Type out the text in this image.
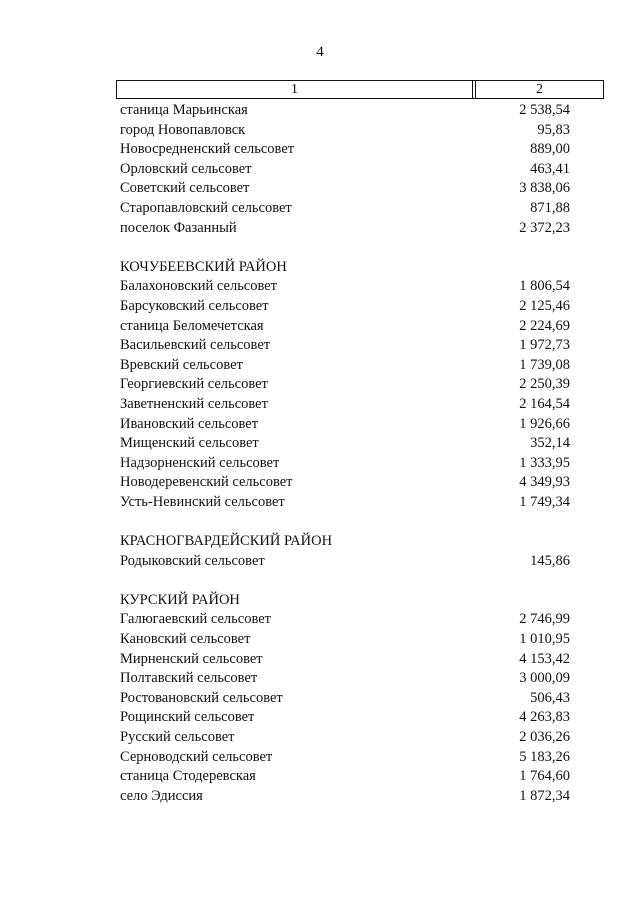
4
1	2
станица Марьинская	2 538,54
город Новопавловск	95,83
Новосредненский сельсовет	889,00
Орловский сельсовет	463,41
Советский сельсовет	3 838,06
Старопавловский сельсовет	871,88
поселок Фазанный	2 372,23
КОЧУБЕЕВСКИЙ РАЙОН
Балахоновский сельсовет	1 806,54
Барсуковский сельсовет	2 125,46
станица Беломечетская	2 224,69
Васильевский сельсовет	1 972,73
Вревский сельсовет	1 739,08
Георгиевский сельсовет	2 250,39
Заветненский сельсовет	2 164,54
Ивановский сельсовет	1 926,66
Мищенский сельсовет	352,14
Надзорненский сельсовет	1 333,95
Новодеревенский сельсовет	4 349,93
Усть-Невинский сельсовет	1 749,34
КРАСНОГВАРДЕЙСКИЙ РАЙОН
Родыковский сельсовет	145,86
КУРСКИЙ РАЙОН
Галюгаевский сельсовет	2 746,99
Кановский сельсовет	1 010,95
Мирненский сельсовет	4 153,42
Полтавский сельсовет	3 000,09
Ростовановский сельсовет	506,43
Рощинский сельсовет	4 263,83
Русский сельсовет	2 036,26
Серноводский сельсовет	5 183,26
станица Стодеревская	1 764,60
село Эдиссия	1 872,34
